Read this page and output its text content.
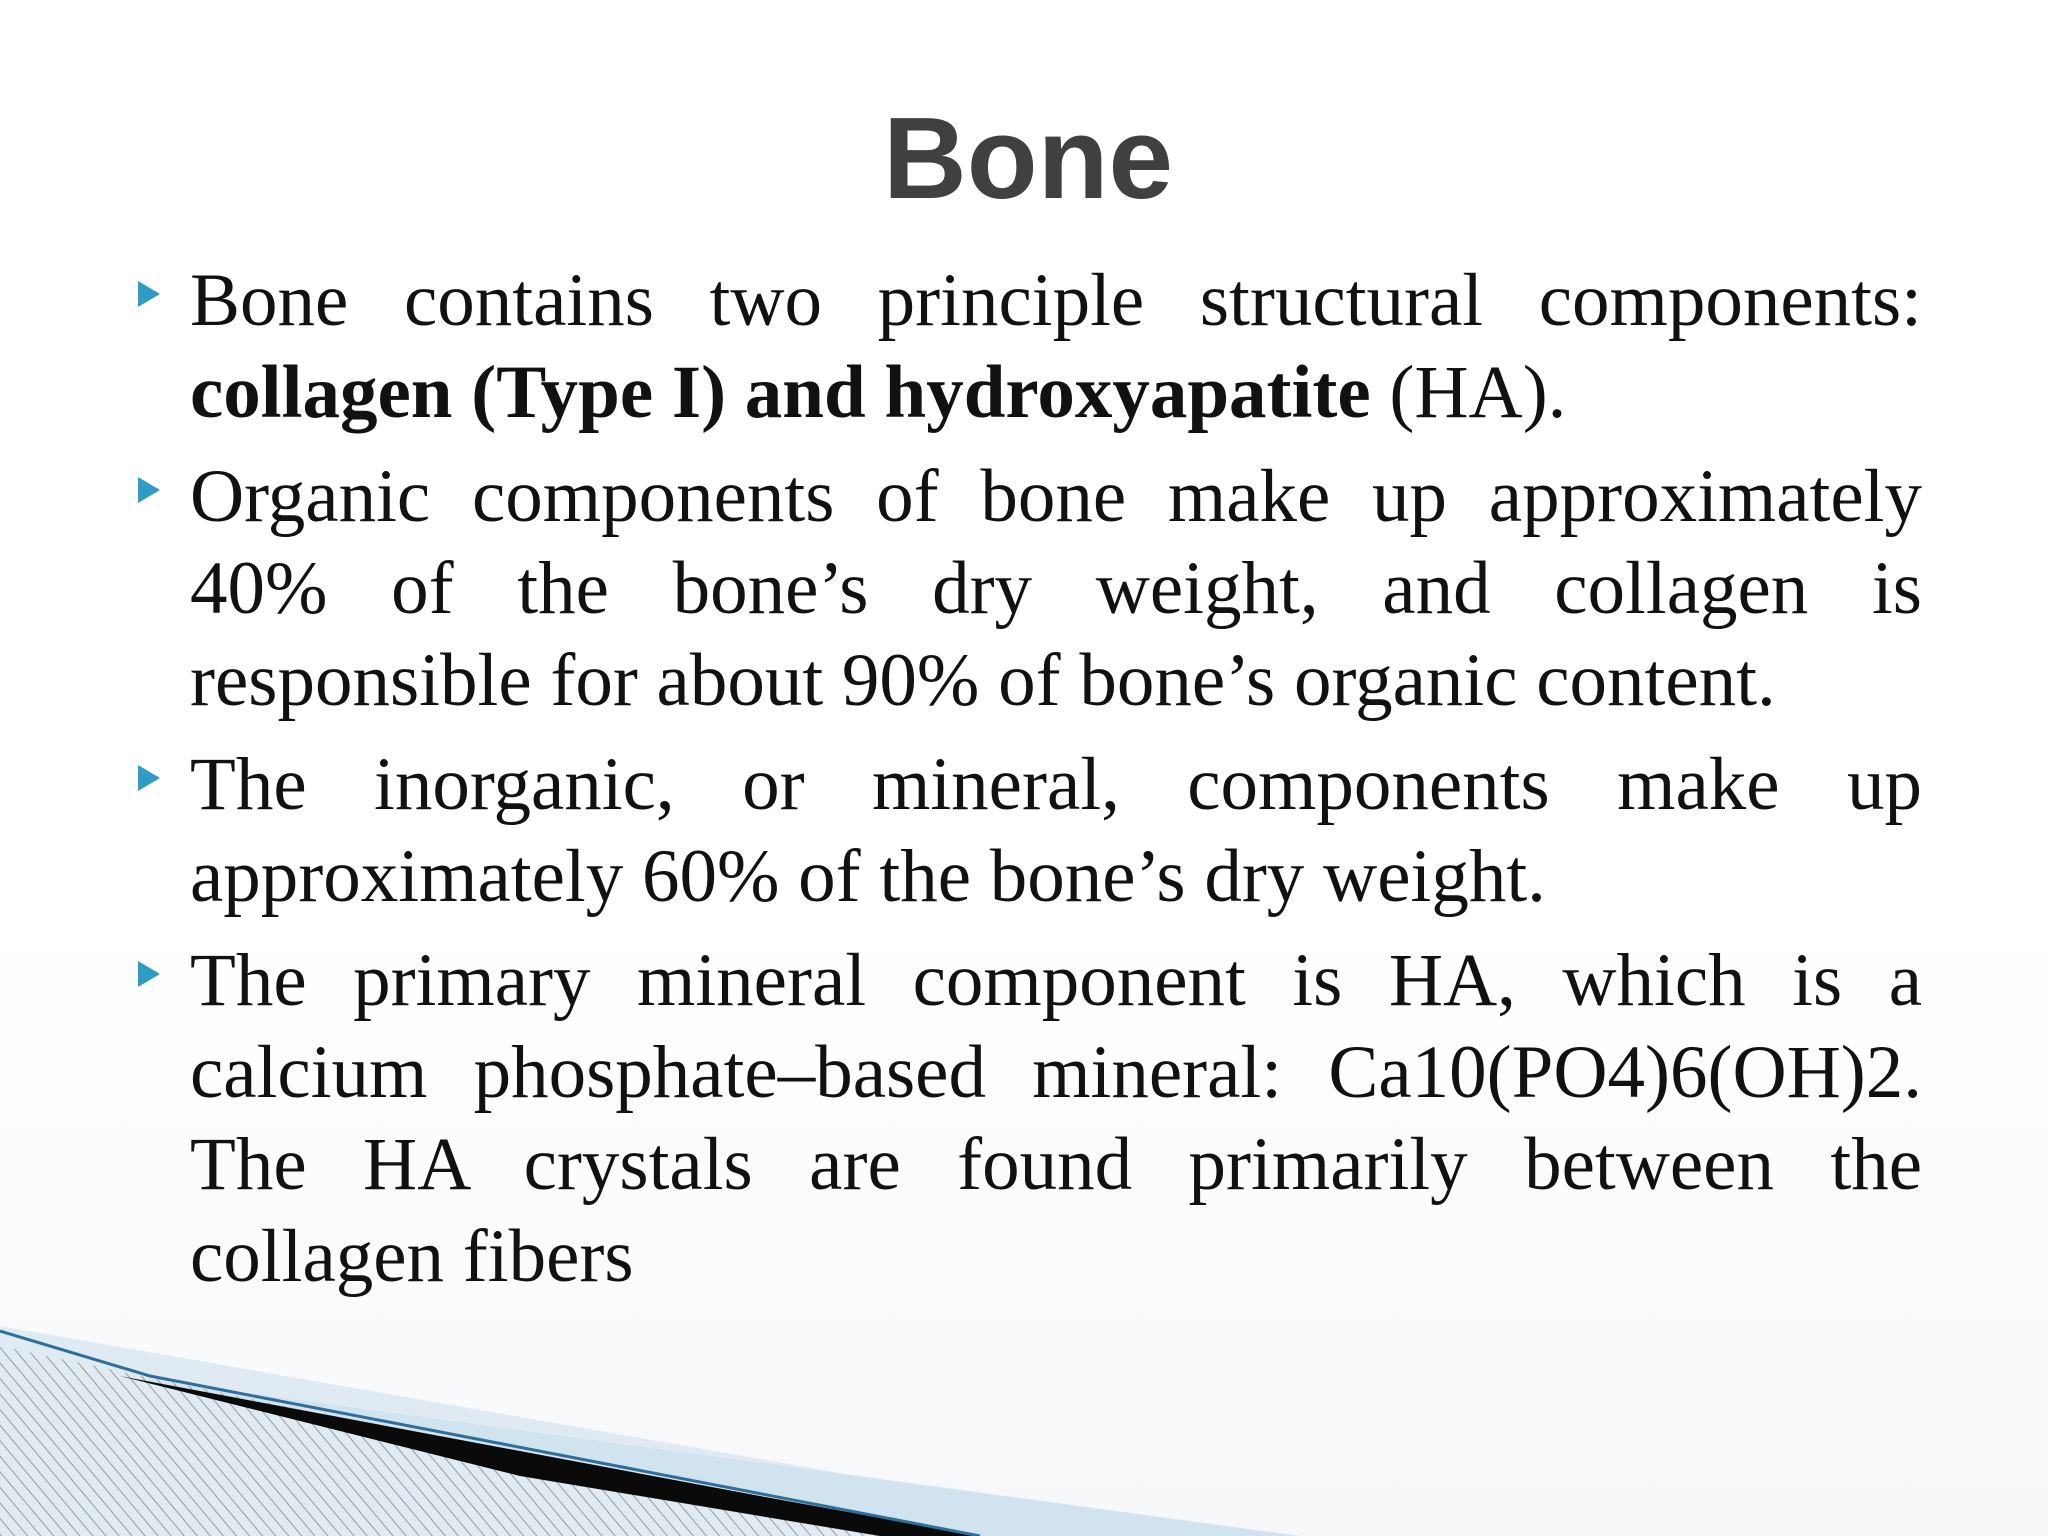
Bone
Bone contains two principle structural components: collagen (Type I) and hydroxyapatite (HA).
Organic components of bone make up approximately 40% of the bone’s dry weight, and collagen is responsible for about 90% of bone’s organic content.
The inorganic, or mineral, components make up approximately 60% of the bone’s dry weight.
The primary mineral component is HA, which is a calcium phosphate–based mineral: Ca10(PO4)6(OH)2. The HA crystals are found primarily between the collagen fibers
